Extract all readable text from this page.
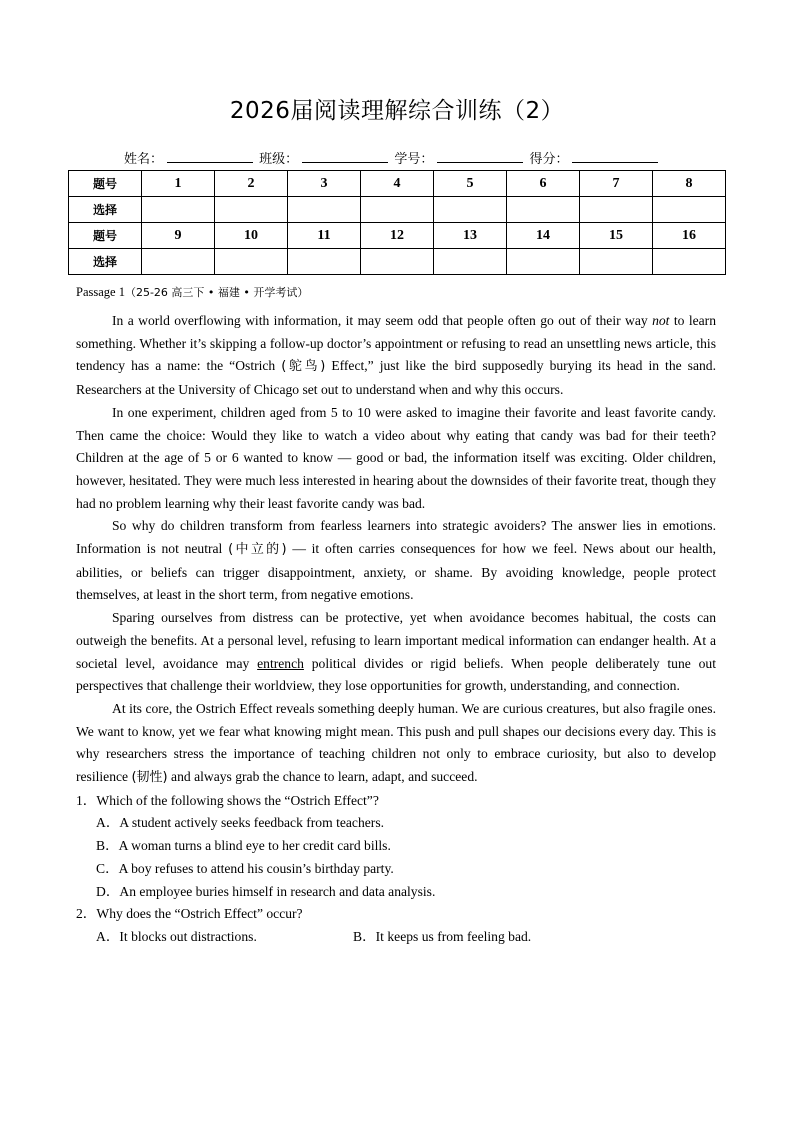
2026届阅读理解综合训练（2）
姓名：	班级：	学号：	得分：
题号	1	2	3	4	5	6	7	8
选择								
题号	9	10	11	12	13	14	15	16
选择								
Passage 1（25-26 高三下 • 福建 • 开学考试）

In a world overflowing with information, it may seem odd that people often go out of their way not to learn something. Whether it’s skipping a follow-up doctor’s appointment or refusing to read an unsettling news article, this tendency has a name: the “Ostrich (鸵鸟) Effect,” just like the bird supposedly burying its head in the sand. Researchers at the University of Chicago set out to understand when and why this occurs.

In one experiment, children aged from 5 to 10 were asked to imagine their favorite and least favorite candy. Then came the choice: Would they like to watch a video about why eating that candy was bad for their teeth? Children at the age of 5 or 6 wanted to know — good or bad, the information itself was exciting. Older children, however, hesitated. They were much less interested in hearing about the downsides of their favorite treat, though they had no problem learning why their least favorite candy was bad.

So why do children transform from fearless learners into strategic avoiders? The answer lies in emotions. Information is not neutral (中立的) — it often carries consequences for how we feel. News about our health, abilities, or beliefs can trigger disappointment, anxiety, or shame. By avoiding knowledge, people protect themselves, at least in the short term, from negative emotions.

Sparing ourselves from distress can be protective, yet when avoidance becomes habitual, the costs can outweigh the benefits. At a personal level, refusing to learn important medical information can endanger health. At a societal level, avoidance may entrench political divides or rigid beliefs. When people deliberately tune out perspectives that challenge their worldview, they lose opportunities for growth, understanding, and connection.

At its core, the Ostrich Effect reveals something deeply human. We are curious creatures, but also fragile ones. We want to know, yet we fear what knowing might mean. This push and pull shapes our decisions every day. This is why researchers stress the importance of teaching children not only to embrace curiosity, but also to develop resilience (韧性) and always grab the chance to learn, adapt, and succeed.

1．Which of the following shows the “Ostrich Effect”?

A．A student actively seeks feedback from teachers.

B．A woman turns a blind eye to her credit card bills.

C．A boy refuses to attend his cousin’s birthday party.

D．An employee buries himself in research and data analysis.

2．Why does the “Ostrich Effect” occur?

A．It blocks out distractions.	B．It keeps us from feeling bad.
